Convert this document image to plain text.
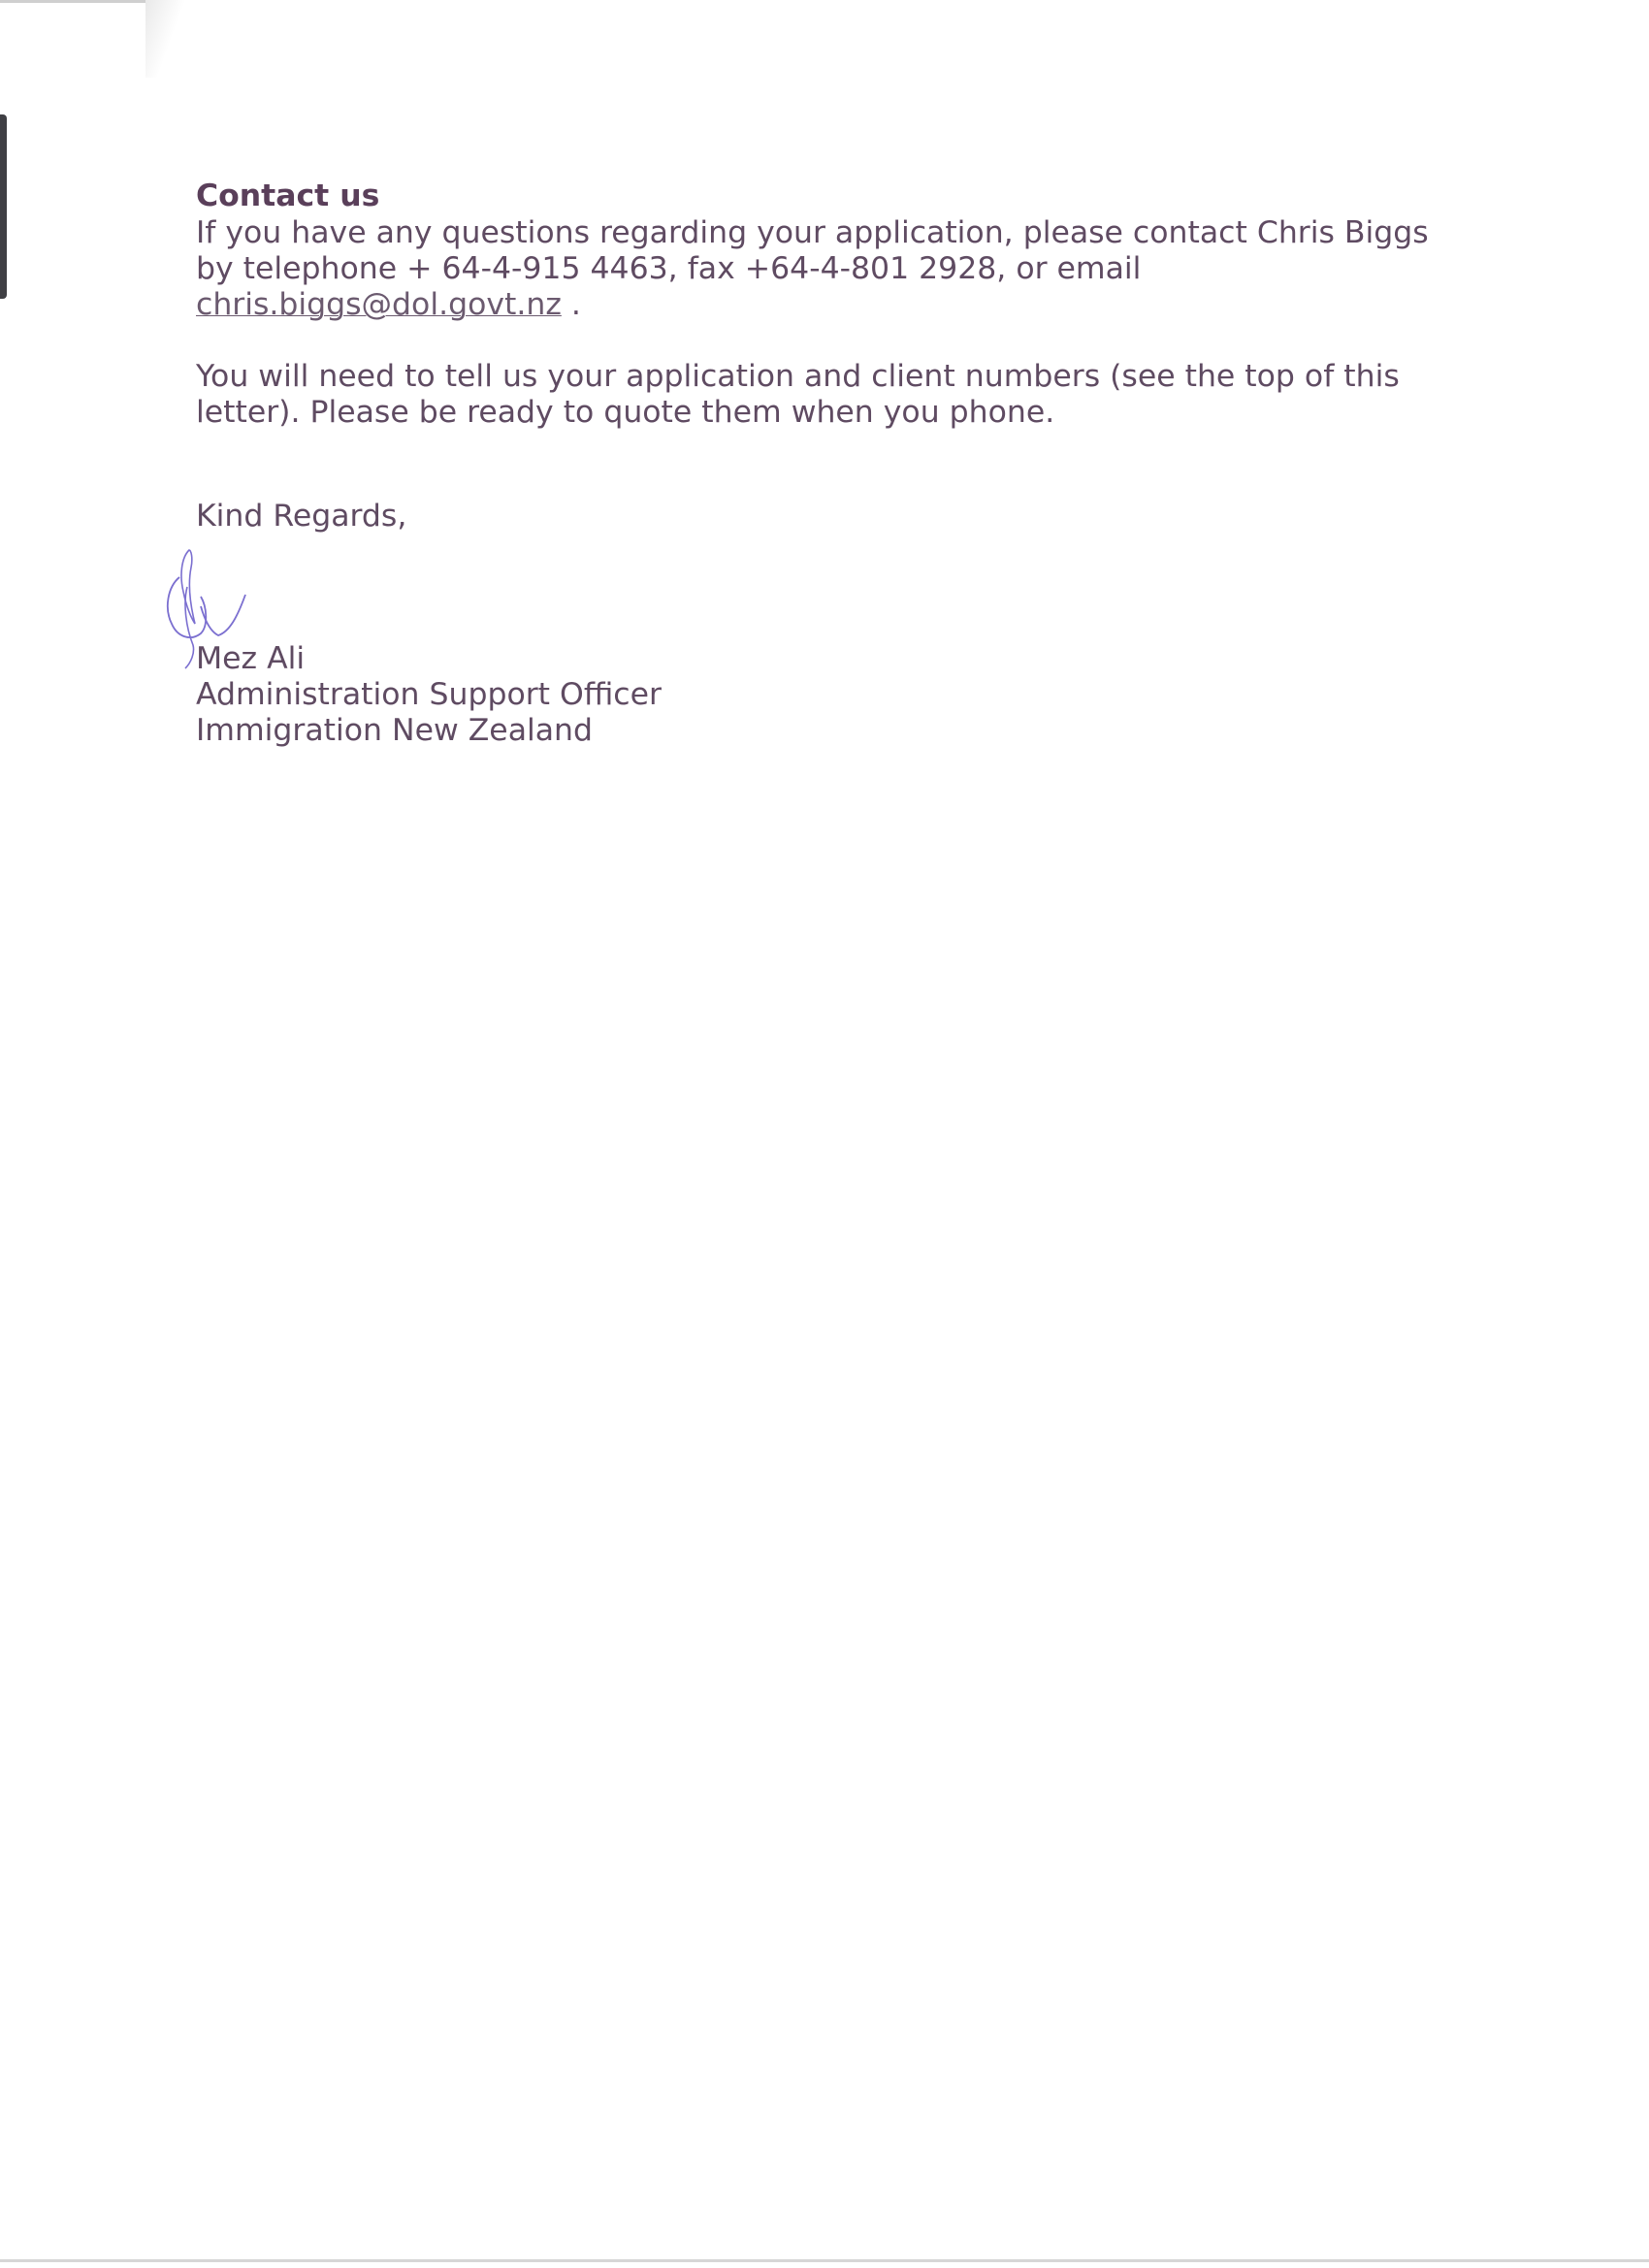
Contact us

If you have any questions regarding your application, please contact Chris Biggs by telephone + 64-4-915 4463, fax +64-4-801 2928, or email chris.biggs@dol.govt.nz .

You will need to tell us your application and client numbers (see the top of this letter). Please be ready to quote them when you phone.

Kind Regards,

Mez Ali

Administration Support Officer

Immigration New Zealand
